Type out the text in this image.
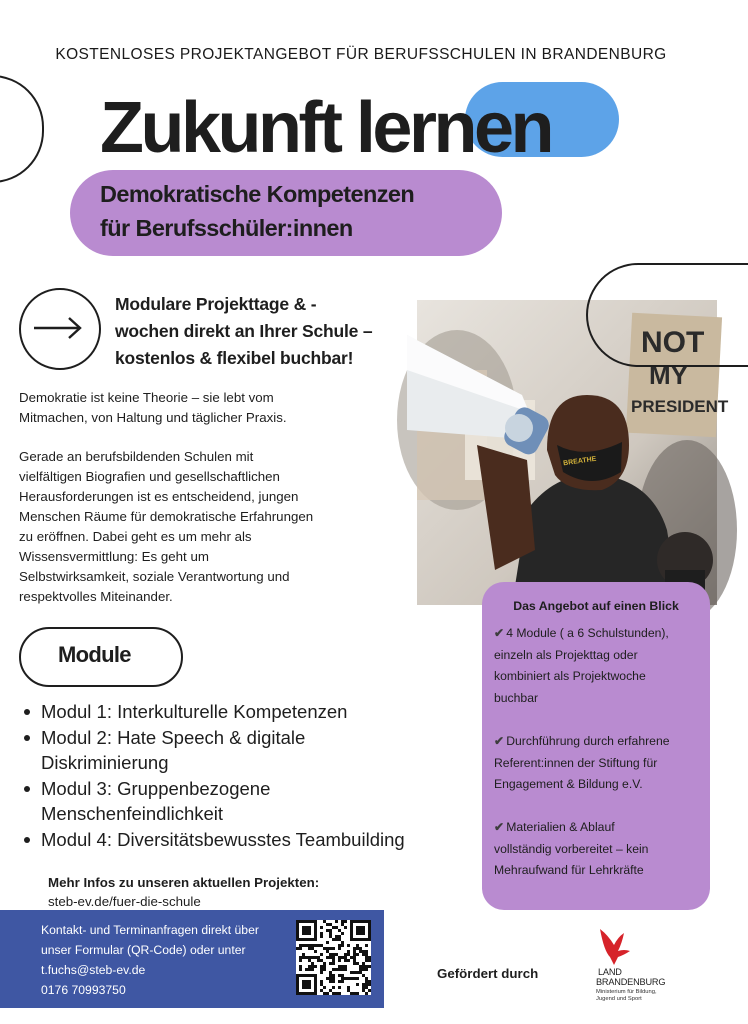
KOSTENLOSES PROJEKTANGEBOT FÜR BERUFSSCHULEN IN BRANDENBURG
Zukunft lernen
Demokratische Kompetenzen
für Berufsschüler:innen
Modulare Projekttage & -
wochen direkt an Ihrer Schule –
kostenlos & flexibel buchbar!	NOT
MY
PRESIDENT
BREATHE
Demokratie ist keine Theorie – sie lebt vom
Mitmachen, von Haltung und täglicher Praxis.
Gerade an berufsbildenden Schulen mit
vielfältigen Biografien und gesellschaftlichen
Herausforderungen ist es entscheidend, jungen
Menschen Räume für demokratische Erfahrungen
zu eröffnen. Dabei geht es um mehr als
Wissensvermittlung: Es geht um
Selbstwirksamkeit, soziale Verantwortung und
respektvolles Miteinander.
Module
Modul 1: Interkulturelle Kompetenzen
Modul 2: Hate Speech & digitale
Diskriminierung
Modul 3: Gruppenbezogene
Menschenfeindlichkeit
Modul 4: Diversitätsbewusstes Teambuilding
Mehr Infos zu unseren aktuellen Projekten:
steb-ev.de/fuer-die-schule
Das Angebot auf einen Blick
✔ 4 Module ( a 6 Schulstunden),
einzeln als Projekttag oder
kombiniert als Projektwoche
buchbar
✔ Durchführung durch erfahrene
Referent:innen der Stiftung für
Engagement & Bildung e.V.
✔ Materialien & Ablauf
vollständig vorbereitet – kein
Mehraufwand für Lehrkräfte
Kontakt- und Terminanfragen direkt über
unser Formular (QR-Code) oder unter
t.fuchs@steb-ev.de
0176 70993750
Gefördert durch	LAND
BRANDENBURG
Ministerium für Bildung,
Jugend und Sport
